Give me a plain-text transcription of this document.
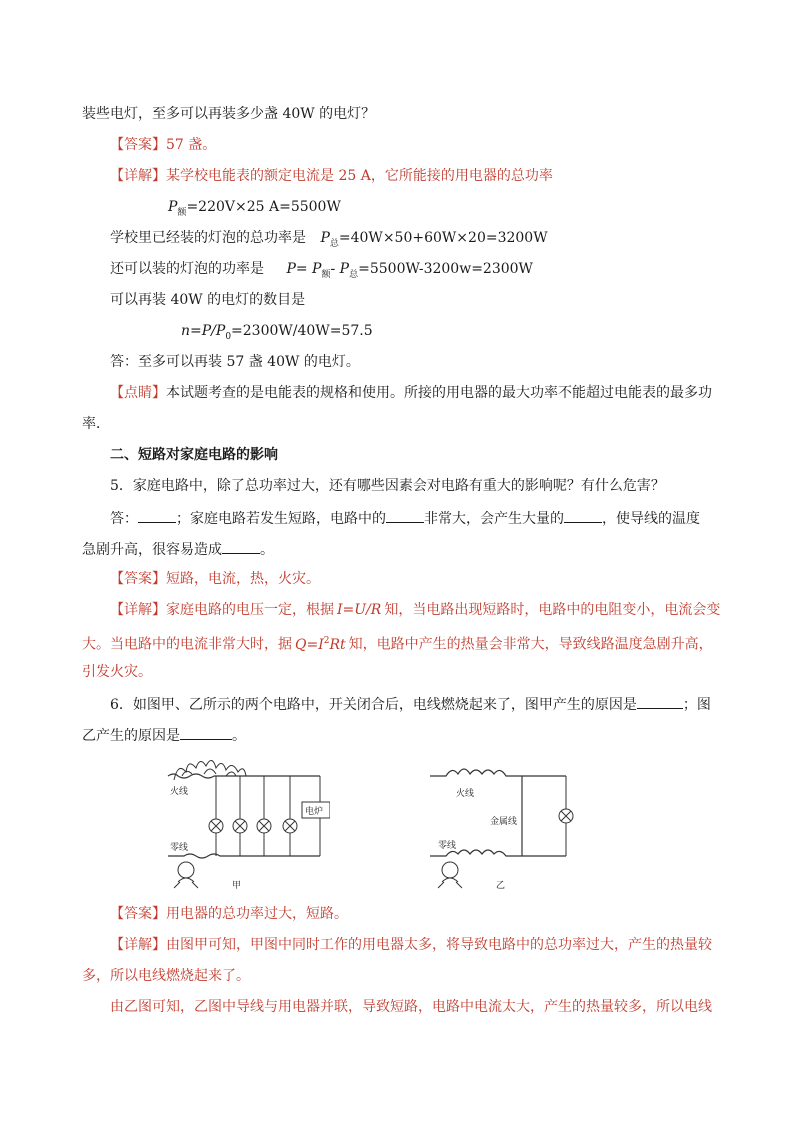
装些电灯，至多可以再装多少盏 40W 的电灯？
【答案】57 盏。
【详解】某学校电能表的额定电流是 25 A，它所能接的用电器的总功率
$P_额=220V\times 25$ A=5500W
学校里已经装的灯泡的总功率是 $P_总=40W\times 50+60W\times 20=3200W$
还可以装的灯泡的功率是 $P= P_额-$ $P_总=5500W-3200w=2300W$
可以再装 40W 的电灯的数目是
$n=P/P_0=2300W/40W=57.5$
答：至多可以再装 57 盏 40W 的电灯。
【点睛】本试题考查的是电能表的规格和使用。所接的用电器的最大功率不能超过电能表的最多功
率．
二、短路对家庭电路的影响
5．家庭电路中，除了总功率过大，还有哪些因素会对电路有重大的影响呢？有什么危害？
答：	；家庭电路若发生短路，电路中的	非常大，会产生大量的	，使导线的温度
急剧升高，很容易造成	。
【答案】短路，电流，热，火灾。
【详解】家庭电路的电压一定，根据 I=U/R 知，当电路出现短路时，电路中的电阻变小，电流会变
大。当电路中的电流非常大时，据 $Q=I^2Rt$ 知，电路中产生的热量会非常大，导致线路温度急剧升高，
引发火灾。
6．如图甲、乙所示的两个电路中，开关闭合后，电线燃烧起来了，图甲产生的原因是	；图
乙产生的原因是	。
火线
零线
电炉
甲
火线
零线
金属线
乙
【答案】用电器的总功率过大，短路。
【详解】由图甲可知，甲图中同时工作的用电器太多，将导致电路中的总功率过大，产生的热量较
多，所以电线燃烧起来了。
由乙图可知，乙图中导线与用电器并联，导致短路，电路中电流太大，产生的热量较多，所以电线
